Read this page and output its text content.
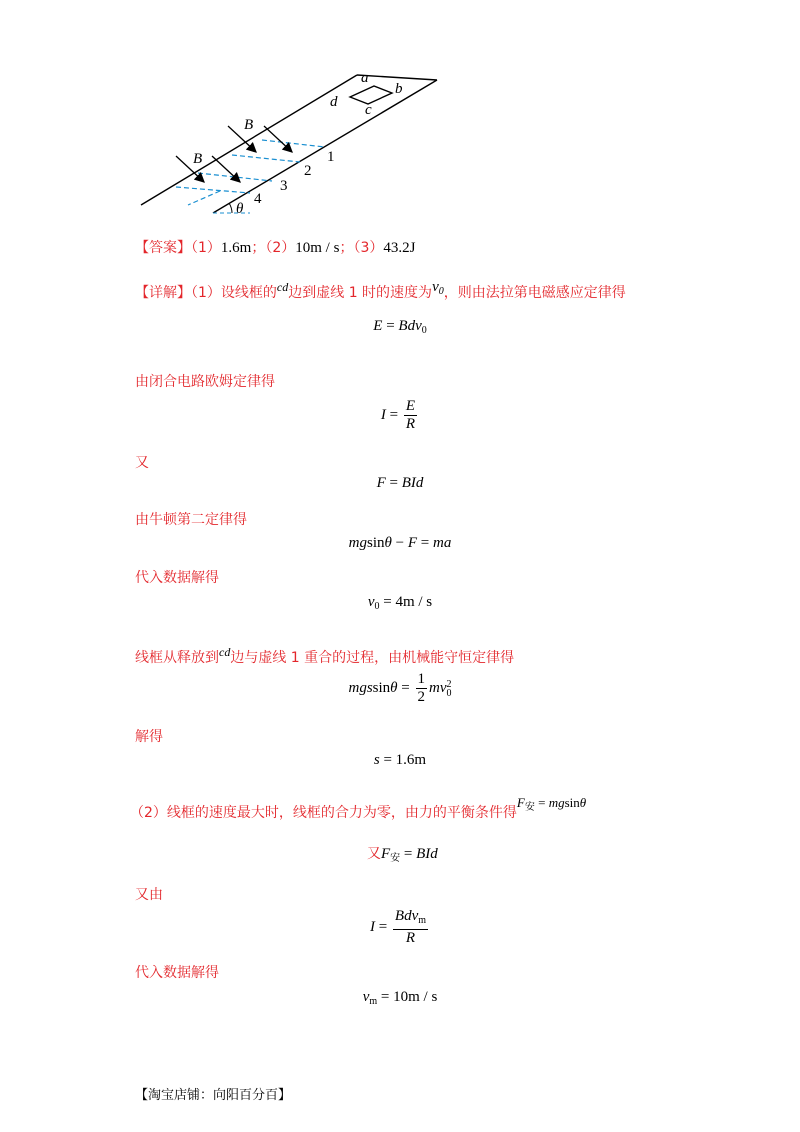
B
B
a
b
c
d
1
2
3
4
θ
【答案】（1）1.6m；（2）10m / s；（3）43.2J
【详解】（1）设线框的cd边到虚线 1 时的速度为$v_0$，则由法拉第电磁感应定律得
E = Bdv$_0$
由闭合电路欧姆定律得
$I = \frac{E}{R}$
又
F = BId
由牛顿第二定律得
mgsinθ − F = ma
代入数据解得
$v_0 = 4m / s$
线框从释放到cd边与虚线 1 重合的过程，由机械能守恒定律得
$mgssin\theta = \frac{1}{2}$ mv 2
0
解得
s = 1.6m
（2）线框的速度最大时，线框的合力为零，由力的平衡条件得$F_安 = mgsin\theta$
又$F_安$ = BId
又由
$I = \frac{Bdv_m}{R}$
代入数据解得
$v_m = 10m / s$
【淘宝店铺：向阳百分百】
